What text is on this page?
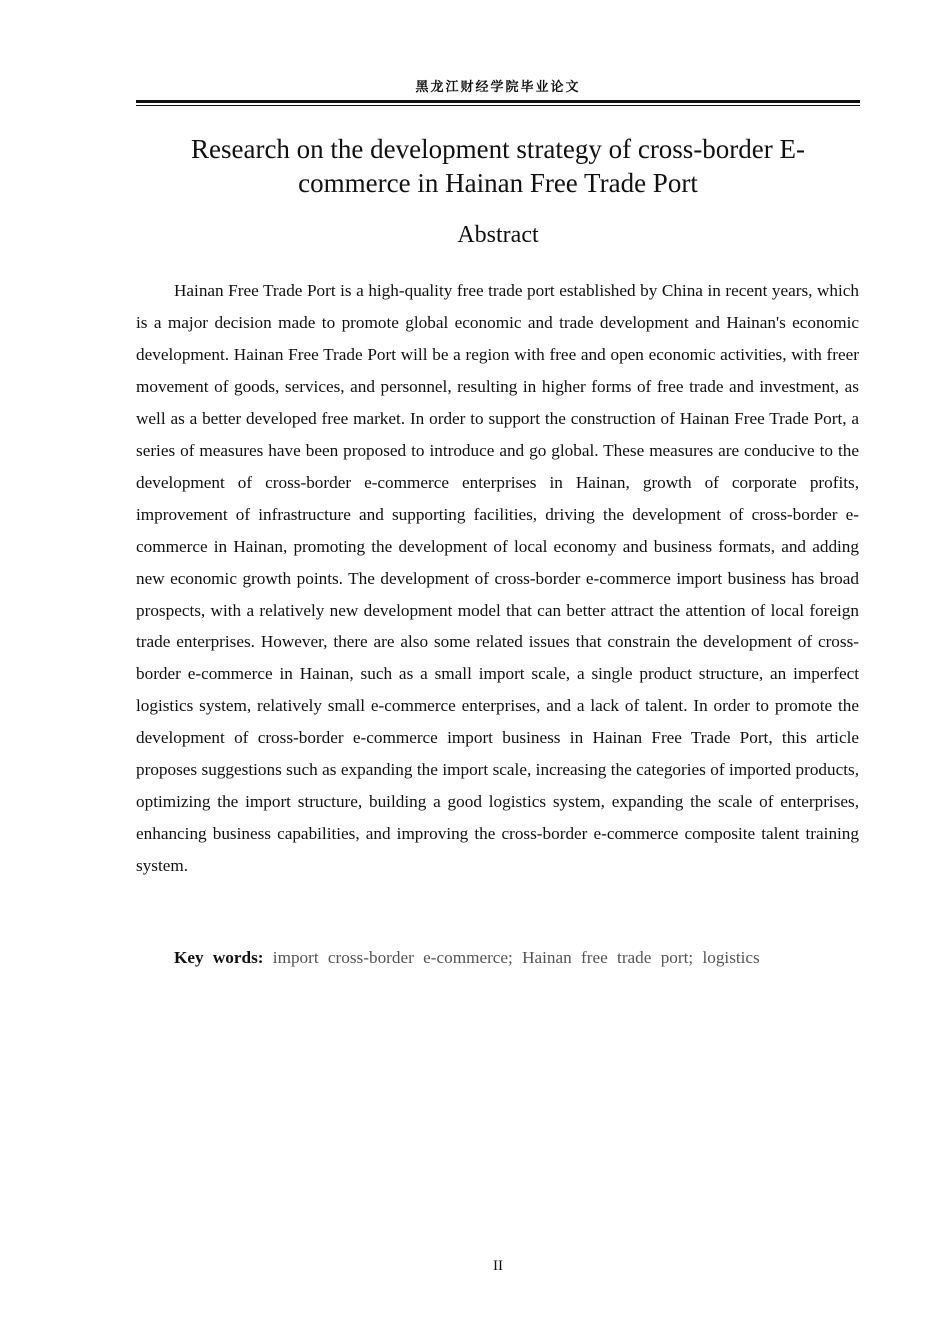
黑龙江财经学院毕业论文
Research on the development strategy of cross-border E-
commerce in Hainan Free Trade Port
Abstract

Hainan Free Trade Port is a high-quality free trade port established by China in recent years, which is a major decision made to promote global economic and trade development and Hainan's economic development. Hainan Free Trade Port will be a region with free and open economic activities, with freer movement of goods, services, and personnel, resulting in higher forms of free trade and investment, as well as a better developed free market. In order to support the construction of Hainan Free Trade Port, a series of measures have been proposed to introduce and go global. These measures are conducive to the development of cross-border e-commerce enterprises in Hainan, growth of corporate profits, improvement of infrastructure and supporting facilities, driving the development of cross-border e-commerce in Hainan, promoting the development of local economy and business formats, and adding new economic growth points. The development of cross-border e-commerce import business has broad prospects, with a relatively new development model that can better attract the attention of local foreign trade enterprises. However, there are also some related issues that constrain the development of cross-border e-commerce in Hainan, such as a small import scale, a single product structure, an imperfect logistics system, relatively small e-commerce enterprises, and a lack of talent. In order to promote the development of cross-border e-commerce import business in Hainan Free Trade Port, this article proposes suggestions such as expanding the import scale, increasing the categories of imported products, optimizing the import structure, building a good logistics system, expanding the scale of enterprises, enhancing business capabilities, and improving the cross-border e-commerce composite talent training system.

Key words: import cross-border e-commerce; Hainan free trade port; logistics
II
